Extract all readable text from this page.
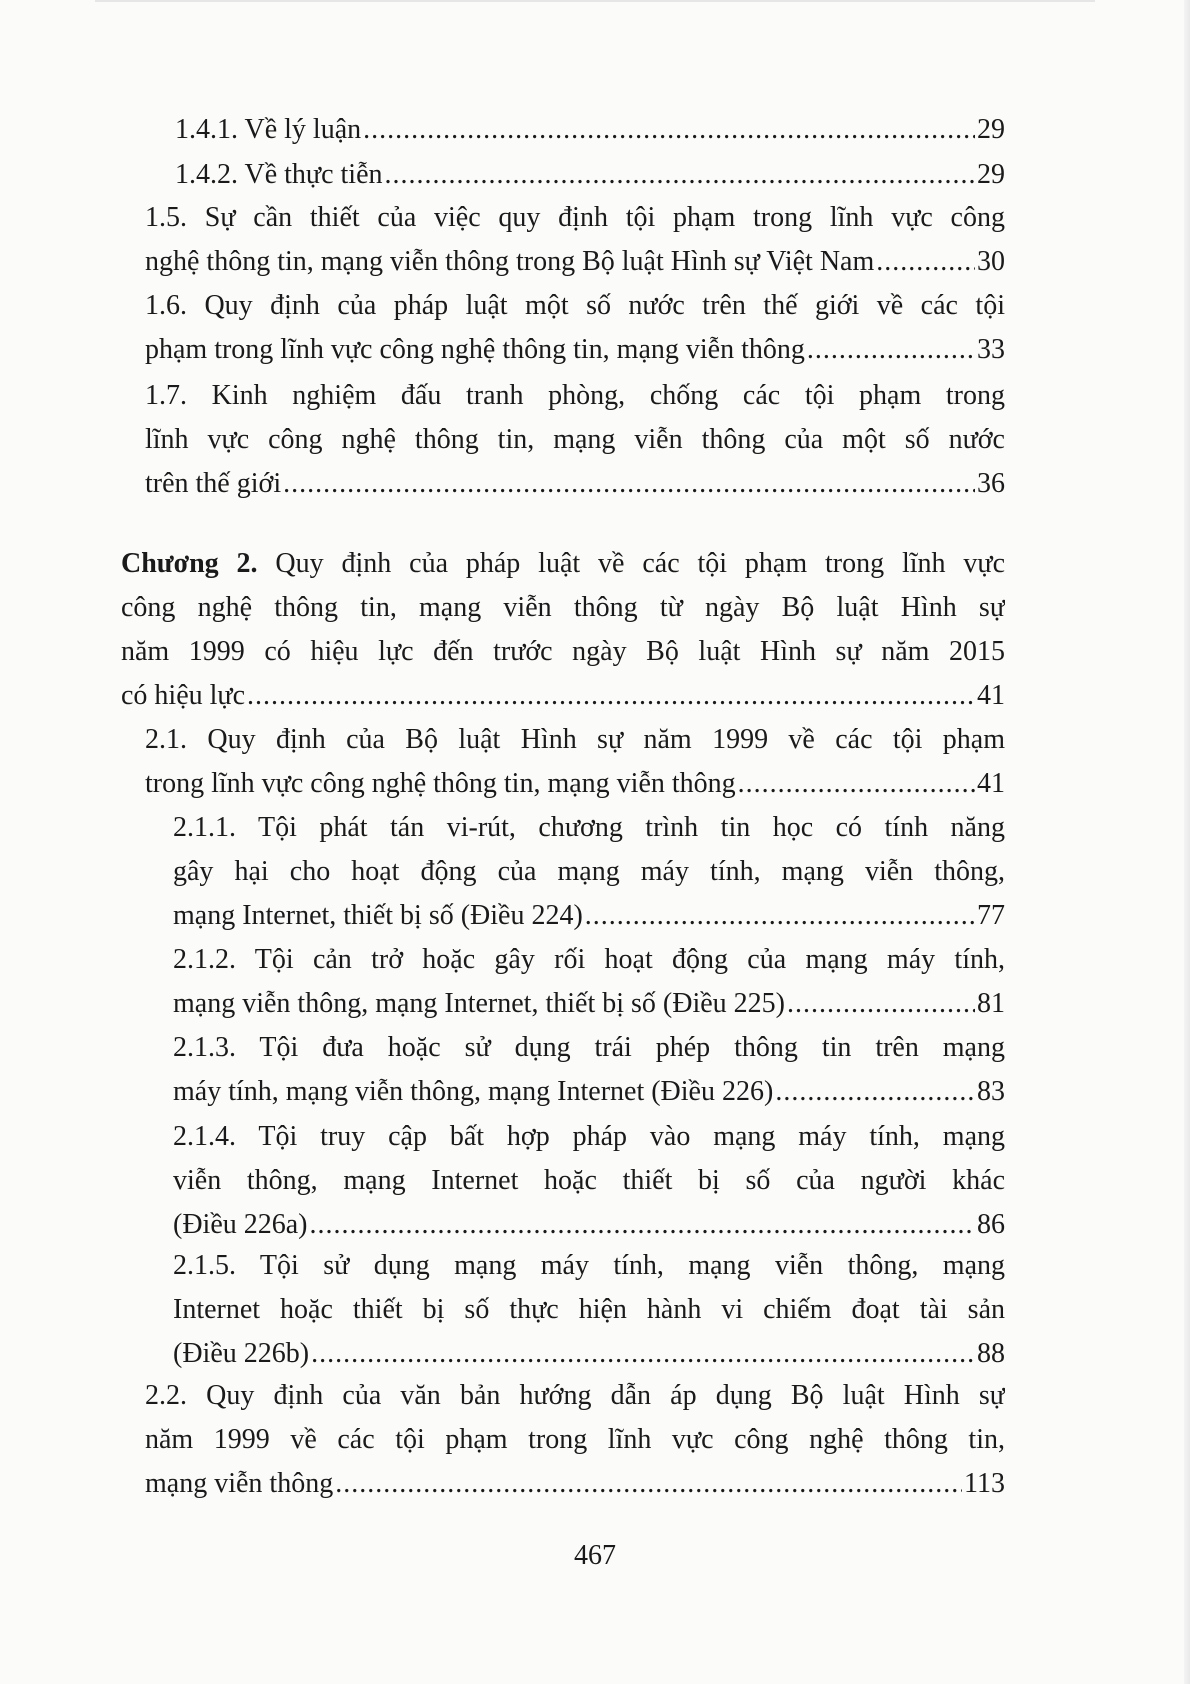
1.4.1. Về lý luận .....	29
1.4.2. Về thực tiễn .....	29
1.5. Sự cần thiết của việc quy định tội phạm trong lĩnh vực công
nghệ thông tin, mạng viễn thông trong Bộ luật Hình sự Việt Nam .....	30
1.6. Quy định của pháp luật một số nước trên thế giới về các tội
phạm trong lĩnh vực công nghệ thông tin, mạng viễn thông .....	33
1.7. Kinh nghiệm đấu tranh phòng, chống các tội phạm trong
lĩnh vực công nghệ thông tin, mạng viễn thông của một số nước
trên thế giới .....	36
Chương 2. Quy định của pháp luật về các tội phạm trong lĩnh vực
công nghệ thông tin, mạng viễn thông từ ngày Bộ luật Hình sự
năm 1999 có hiệu lực đến trước ngày Bộ luật Hình sự năm 2015
có hiệu lực .....	41
2.1. Quy định của Bộ luật Hình sự năm 1999 về các tội phạm
trong lĩnh vực công nghệ thông tin, mạng viễn thông .....	41
2.1.1. Tội phát tán vi-rút, chương trình tin học có tính năng
gây hại cho hoạt động của mạng máy tính, mạng viễn thông,
mạng Internet, thiết bị số (Điều 224) .....	77
2.1.2. Tội cản trở hoặc gây rối hoạt động của mạng máy tính,
mạng viễn thông, mạng Internet, thiết bị số (Điều 225) .....	81
2.1.3. Tội đưa hoặc sử dụng trái phép thông tin trên mạng
máy tính, mạng viễn thông, mạng Internet (Điều 226) .....	83
2.1.4. Tội truy cập bất hợp pháp vào mạng máy tính, mạng
viễn thông, mạng Internet hoặc thiết bị số của người khác
(Điều 226a) .....	86
2.1.5. Tội sử dụng mạng máy tính, mạng viễn thông, mạng
Internet hoặc thiết bị số thực hiện hành vi chiếm đoạt tài sản
(Điều 226b) .....	88
2.2. Quy định của văn bản hướng dẫn áp dụng Bộ luật Hình sự
năm 1999 về các tội phạm trong lĩnh vực công nghệ thông tin,
mạng viễn thông .....	113
467
